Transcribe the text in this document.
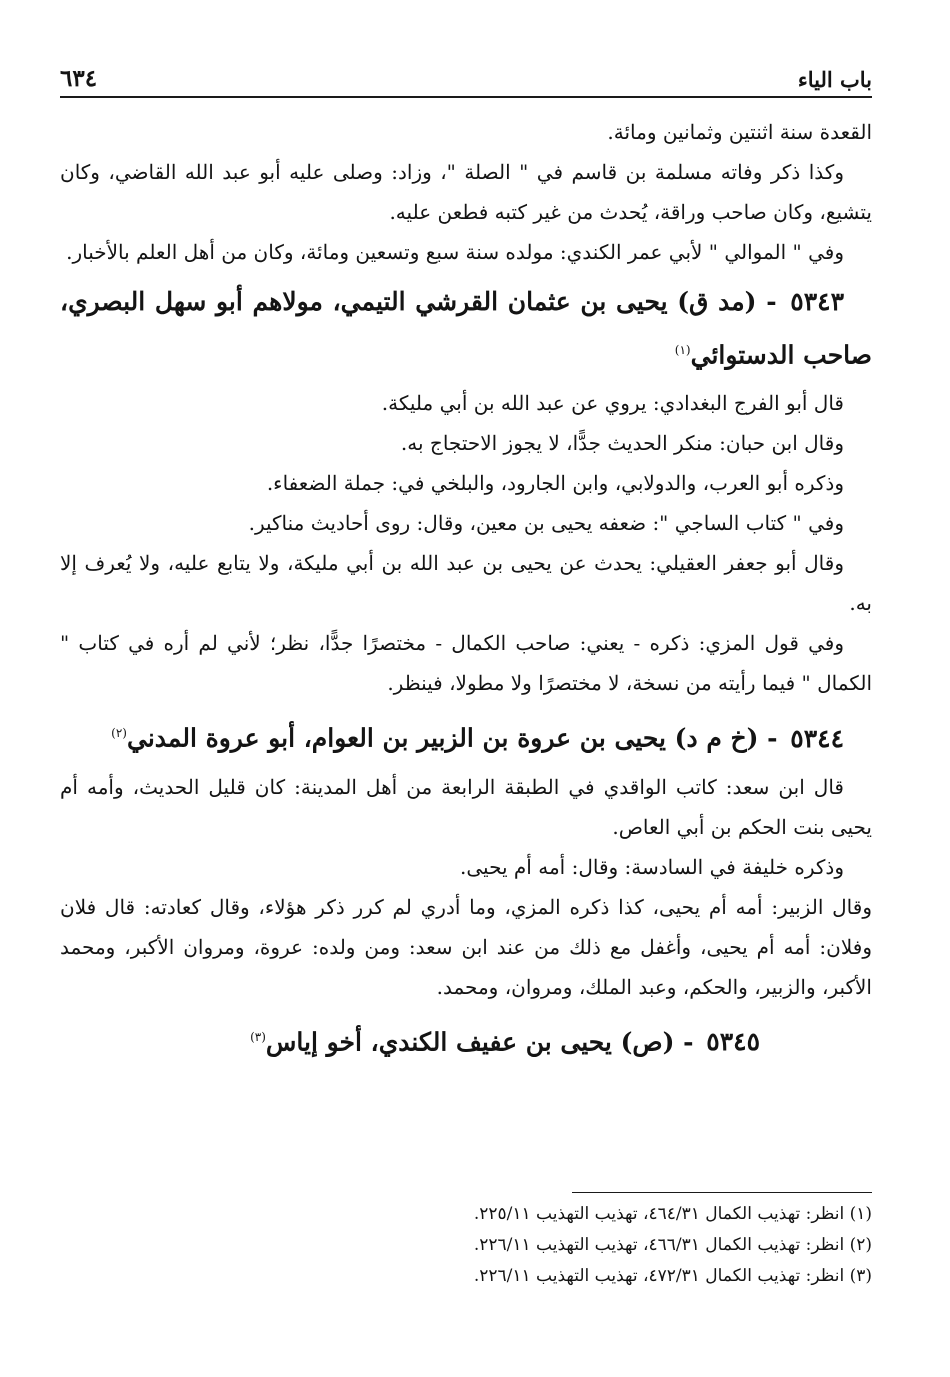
باب الياء
٦٣٤

القعدة سنة اثنتين وثمانين ومائة.

وكذا ذكر وفاته مسلمة بن قاسم في " الصلة "، وزاد: وصلى عليه أبو عبد الله القاضي، وكان يتشيع، وكان صاحب وراقة، يُحدث من غير كتبه فطعن عليه.

وفي " الموالي " لأبي عمر الكندي: مولده سنة سبع وتسعين ومائة، وكان من أهل العلم بالأخبار.

٥٣٤٣ - (مد ق) يحيى بن عثمان القرشي التيمي، مولاهم أبو سهل البصري، صاحب الدستوائي$^{(١)}$

قال أبو الفرج البغدادي: يروي عن عبد الله بن أبي مليكة.

وقال ابن حبان: منكر الحديث جدًّا، لا يجوز الاحتجاج به.

وذكره أبو العرب، والدولابي، وابن الجارود، والبلخي في: جملة الضعفاء.

وفي " كتاب الساجي ": ضعفه يحيى بن معين، وقال: روى أحاديث مناكير.

وقال أبو جعفر العقيلي: يحدث عن يحيى بن عبد الله بن أبي مليكة، ولا يتابع عليه، ولا يُعرف إلا به.

وفي قول المزي: ذكره - يعني: صاحب الكمال - مختصرًا جدًّا، نظر؛ لأني لم أره في كتاب " الكمال " فيما رأيته من نسخة، لا مختصرًا ولا مطولا، فينظر.

٥٣٤٤ - (خ م د) يحيى بن عروة بن الزبير بن العوام، أبو عروة المدني$^{(٢)}$

قال ابن سعد: كاتب الواقدي في الطبقة الرابعة من أهل المدينة: كان قليل الحديث، وأمه أم يحيى بنت الحكم بن أبي العاص.

وذكره خليفة في السادسة: وقال: أمه أم يحيى.

وقال الزبير: أمه أم يحيى، كذا ذكره المزي، وما أدري لم كرر ذكر هؤلاء، وقال كعادته: قال فلان وفلان: أمه أم يحيى، وأغفل مع ذلك من عند ابن سعد: ومن ولده: عروة، ومروان الأكبر، ومحمد الأكبر، والزبير، والحكم، وعبد الملك، ومروان، ومحمد.

٥٣٤٥ - (ص) يحيى بن عفيف الكندي، أخو إياس$^{(٣)}$

(١) انظر: تهذيب الكمال ٤٦٤/٣١، تهذيب التهذيب ٢٢٥/١١.

(٢) انظر: تهذيب الكمال ٤٦٦/٣١، تهذيب التهذيب ٢٢٦/١١.

(٣) انظر: تهذيب الكمال ٤٧٢/٣١، تهذيب التهذيب ٢٢٦/١١.
